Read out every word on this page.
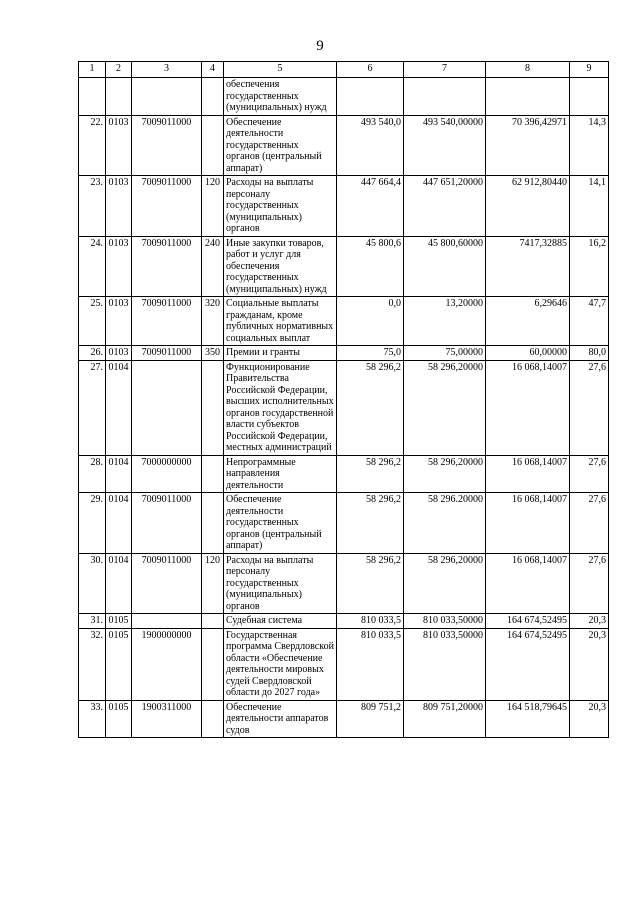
9
1	2	3	4	5	6	7	8	9
				обеспечения государственных (муниципальных) нужд				
22.	0103	7009011000		Обеспечение деятельности государственных органов (центральный аппарат)	493 540,0	493 540,00000	70 396,42971	14,3
23.	0103	7009011000	120	Расходы на выплаты персоналу государственных (муниципальных) органов	447 664,4	447 651,20000	62 912,80440	14,1
24.	0103	7009011000	240	Иные закупки товаров, работ и услуг для обеспечения государственных (муниципальных) нужд	45 800,6	45 800,60000	7417,32885	16,2
25.	0103	7009011000	320	Социальные выплаты гражданам, кроме публичных нормативных социальных выплат	0,0	13,20000	6,29646	47,7
26.	0103	7009011000	350	Премии и гранты	75,0	75,00000	60,00000	80,0
27.	0104			Функционирование Правительства Российской Федерации, высших исполнительных органов государственной власти субъектов Российской Федерации, местных администраций	58 296,2	58 296,20000	16 068,14007	27,6
28.	0104	7000000000		Непрограммные направления деятельности	58 296,2	58 296,20000	16 068,14007	27,6
29.	0104	7009011000		Обеспечение деятельности государственных органов (центральный аппарат)	58 296,2	58 296.20000	16 068,14007	27,6
30.	0104	7009011000	120	Расходы на выплаты персоналу государственных (муниципальных) органов	58 296,2	58 296,20000	16 068,14007	27,6
31.	0105			Судебная система	810 033,5	810 033,50000	164 674,52495	20,3
32.	0105	1900000000		Государственная программа Свердловской области «Обеспечение деятельности мировых судей Свердловской области до 2027 года»	810 033,5	810 033,50000	164 674,52495	20,3
33.	0105	1900311000		Обеспечение деятельности аппаратов судов	809 751,2	809 751,20000	164 518,79645	20,3
